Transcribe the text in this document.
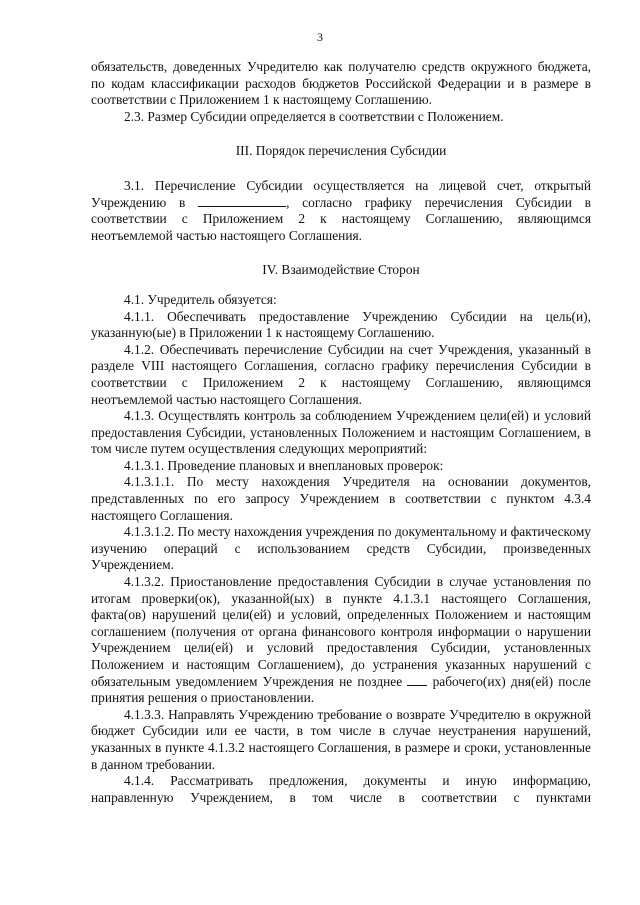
3

обязательств, доведенных Учредителю как получателю средств окружного бюджета, по кодам классификации расходов бюджетов Российской Федерации и в размере в соответствии с Приложением 1 к настоящему Соглашению.

2.3. Размер Субсидии определяется в соответствии с Положением.

III. Порядок перечисления Субсидии

3.1. Перечисление Субсидии осуществляется на лицевой счет, открытый Учреждению в	, согласно графику перечисления Субсидии в соответствии с Приложением 2 к настоящему Соглашению, являющимся неотъемлемой частью настоящего Соглашения.

IV. Взаимодействие Сторон

4.1. Учредитель обязуется:

4.1.1. Обеспечивать предоставление Учреждению Субсидии на цель(и), указанную(ые) в Приложении 1 к настоящему Соглашению.

4.1.2. Обеспечивать перечисление Субсидии на счет Учреждения, указанный в разделе VIII настоящего Соглашения, согласно графику перечисления Субсидии в соответствии с Приложением 2 к настоящему Соглашению, являющимся неотъемлемой частью настоящего Соглашения.

4.1.3. Осуществлять контроль за соблюдением Учреждением цели(ей) и условий предоставления Субсидии, установленных Положением и настоящим Соглашением, в том числе путем осуществления следующих мероприятий:

4.1.3.1. Проведение плановых и внеплановых проверок:

4.1.3.1.1. По месту нахождения Учредителя на основании документов, представленных по его запросу Учреждением в соответствии с пунктом 4.3.4 настоящего Соглашения.

4.1.3.1.2. По месту нахождения учреждения по документальному и фактическому изучению операций с использованием средств Субсидии, произведенных Учреждением.

4.1.3.2. Приостановление предоставления Субсидии в случае установления по итогам проверки(ок), указанной(ых) в пункте 4.1.3.1 настоящего Соглашения, факта(ов) нарушений цели(ей) и условий, определенных Положением и настоящим соглашением (получения от органа финансового контроля информации о нарушении Учреждением цели(ей) и условий предоставления Субсидии, установленных Положением и настоящим Соглашением), до устранения указанных нарушений с обязательным уведомлением Учреждения не позднее рабочего(их) дня(ей) после принятия решения о приостановлении.

4.1.3.3. Направлять Учреждению требование о возврате Учредителю в окружной бюджет Субсидии или ее части, в том числе в случае неустранения нарушений, указанных в пункте 4.1.3.2 настоящего Соглашения, в размере и сроки, установленные в данном требовании.

4.1.4. Рассматривать предложения, документы и иную информацию, направленную Учреждением, в том числе в соответствии с пунктами
